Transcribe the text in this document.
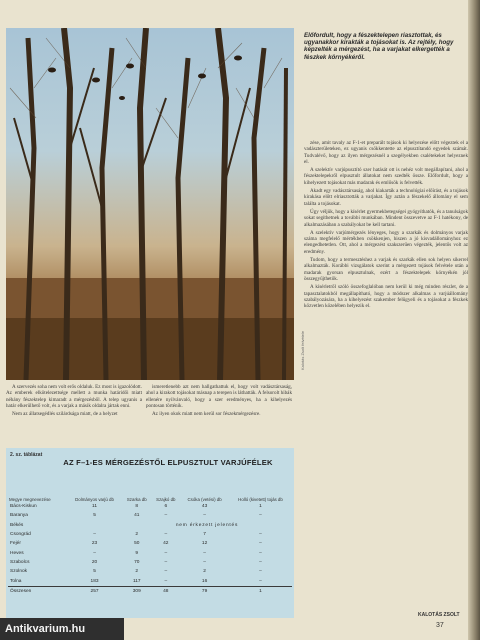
Kalotás Zsolt felvétele
Előfordult, hogy a fészektelepen riasztottak, és ugyanakkor kirakták a tojásokat is. Az rejtély, hogy képzelték a mérgezést, ha a varjakat elkergették a fészkek környékéről.

zése, amit tavaly az F-1-et preparált tojások ki helyezése előtt végeztek el a vadászterületeken, ez ugyanis csökkentette az elpusztítandó egyedek számát. Tudvalévő, hogy az ilyen mérgezésnél a szegélyekben csalétekeket helyeznek el.

A szelektív varjúpusztító szer hatását ott is nehéz volt megállapítani, ahol a fészektelepekről elpusztult állatokat nem szedték össze. Előfordult, hogy a kihelyezett tojásokat más madarak és emlősök is felvették.

Akadt egy vadásztársaság, ahol kiakarták a technológiai előírást, és a tojások kirakása előtt elriasztották a varjakat. Így aztán a fészekelő állomány el sem találta a tojásokat.

Úgy véljük, hogy a kísérlet gyermekbetegségei gyógyíthatók, és a tanulságok sokat segíthetnek a további munkában. Mindent összevetve az F-1 hatékony, de alkalmazásában a szabályokat be kell tartani.

A szelektív varjúmérgezés lényeges, hogy a szarkák és dolmányos varjak száma megfelelő mértékben csökkenjen, hiszen a jó kisvadállományhoz ez elengedhetetlen. Ott, ahol a mérgezést szakszerűen végezték, jelentős volt az eredmény.

Tudom, hogy a termesztéshez a varjak és szarkák ellen sok helyen sikerrel alkalmazták. Korábbi vizsgálatok szerint a mérgezett tojások felvétele után a madarak gyorsan elpusztulnak, ezért a fészektelepek környékén jól összegyűjthetők.

A kísérletről szóló összefoglalóban nem kerül ki még minden részlet, de a tapasztalatokból megállapítható, hogy a módszer alkalmas a varjúállomány szabályozására, ha a kihelyezést szakember felügyeli és a tojásokat a fészkek közvetlen közelében helyezik el.

A szervezés soha nem volt erős oldaluk. Ez most is igazolódott. Az emberek elkötelezettsége mellett a munka határidői miatt néhány fészektelep kimaradt a mérgezésből. A telep ugyanis a határ elkerülhető volt, és a varjak a másik oldalra jártak enni.

Nem az állatsegédlés szilárdsága miatt, de a helyzet

ismeretlenebb azt nem hallgathattuk el, hogy volt vadásztársaság, ahol a kirakott tojásokat másnap a terepen is láthatták. A felsorolt hibák ellenére nyilvánvaló, hogy a szer eredményes, ha a kihelyezés pontosan történik.

Az ilyen okok miatt nem kerül sor fészekmérgezésre.

2. sz. táblázat
AZ F–1-ES MÉRGEZÉSTŐL ELPUSZTULT VARJÚFÉLEK
Megye megnevezése	Dolmányos varjú db	Szarka db	Szajkó db	Csóka (vetési) db	Holló (kivetett) tojás db
Bács-Kiskun	11	8	6	43	1
Baranya	5	41	–	–	–
Békés		nem érkezett jelentés			
Csongrád	–	2	–	7	–
Fejér	23	50	42	12	–
Heves	–	9	–	–	–
Szabolcs	20	70	–	–	–
Szolnok	5	2	–	2	–
Tolna	183	117	–	16	–
Összesen	257	309	48	79	1
KALOTÁS ZSOLT
37
Antikvarium.hu
